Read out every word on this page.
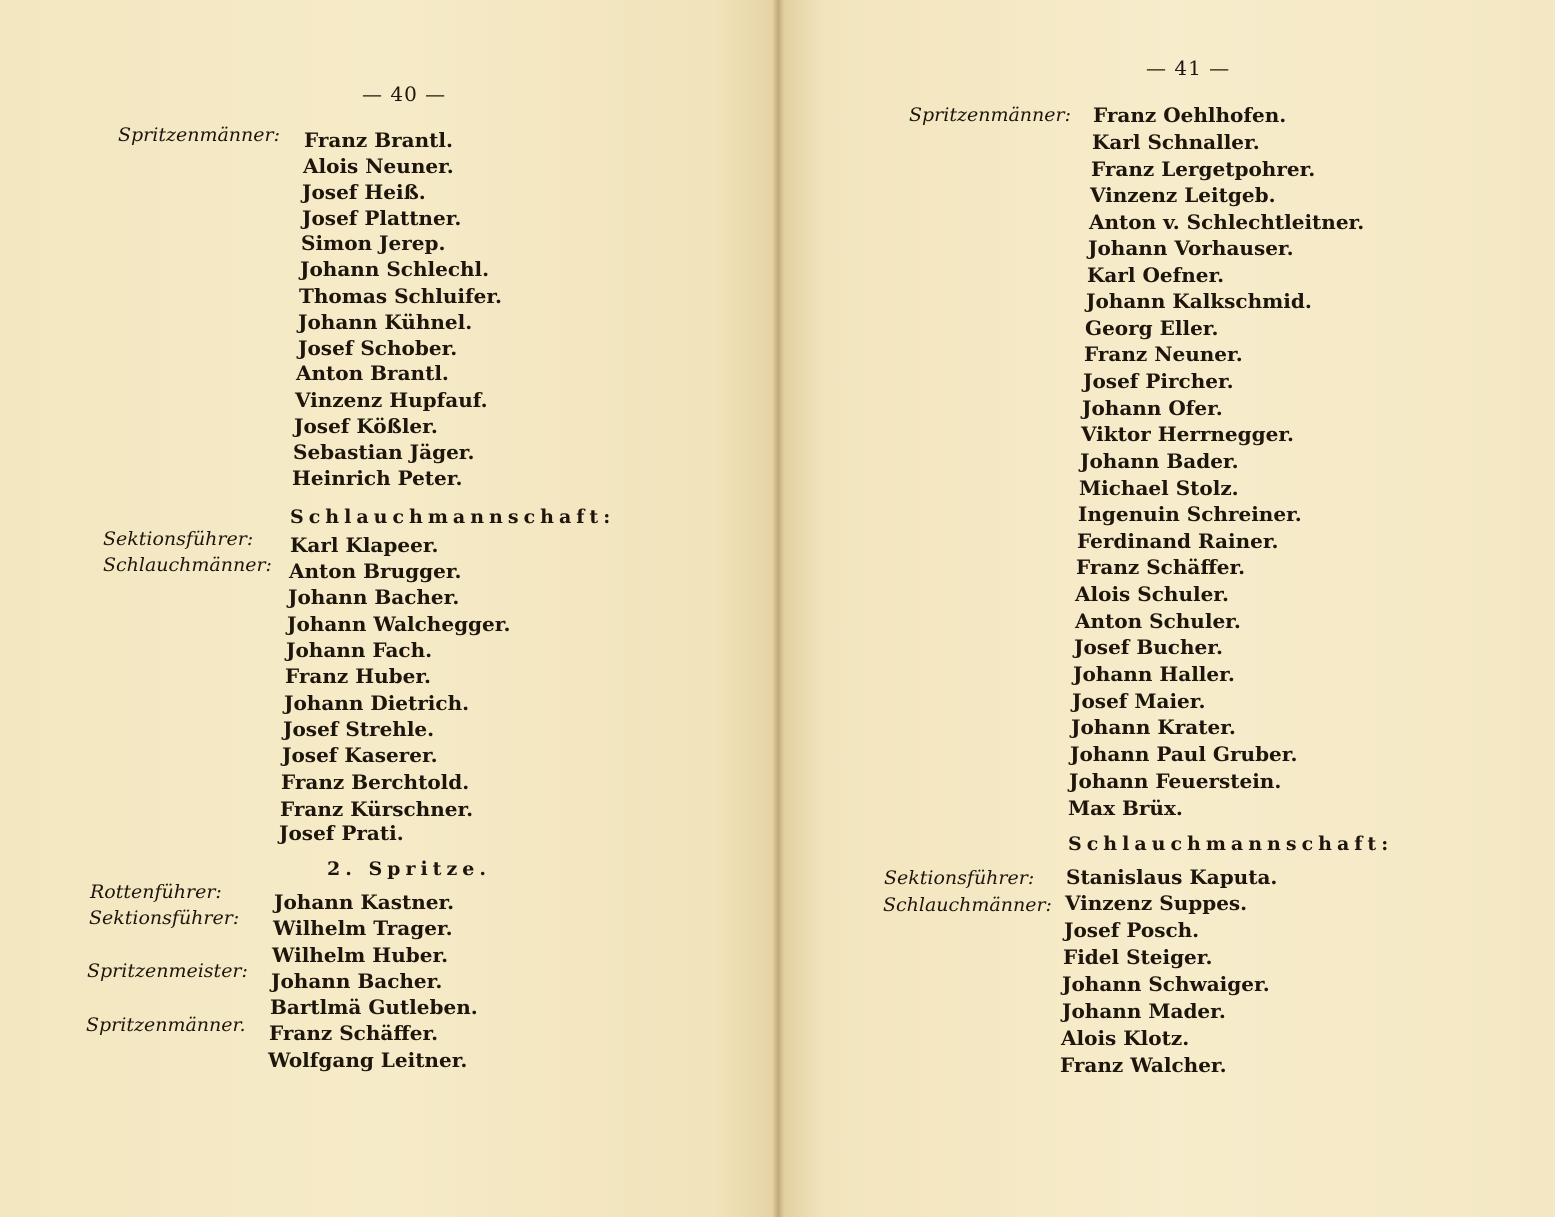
— 40 —
Spritzenmänner: Franz Brantl.
Alois Neuner.
Josef Heiß.
Josef Plattner.
Simon Jerep.
Johann Schlechl.
Thomas Schluifer.
Johann Kühnel.
Josef Schober.
Anton Brantl.
Vinzenz Hupfauf.
Josef Kößler.
Sebastian Jäger.
Heinrich Peter.
Schlauchmannschaft:
Sektionsführer: Karl Klapeer.
Schlauchmänner: Anton Brugger.
Johann Bacher.
Johann Walchegger.
Johann Fach.
Franz Huber.
Johann Dietrich.
Josef Strehle.
Josef Kaserer.
Franz Berchtold.
Franz Kürschner.
Josef Prati.
2. Spritze.
Rottenführer:	Johann Kastner.
Sektionsführer: Wilhelm Trager.
Wilhelm Huber.
Spritzenmeister: Johann Bacher.
Bartlmä Gutleben.
Spritzenmänner. Franz Schäffer.
Wolfgang Leitner.
— 41 —
Spritzenmänner: Franz Oehlhofen.
Karl Schnaller.
Franz Lergetpohrer.
Vinzenz Leitgeb.
Anton v. Schlechtleitner.
Johann Vorhauser.
Karl Oefner.
Johann Kalkschmid.
Georg Eller.
Franz Neuner.
Josef Pircher.
Johann Ofer.
Viktor Herrnegger.
Johann Bader.
Michael Stolz.
Ingenuin Schreiner.
Ferdinand Rainer.
Franz Schäffer.
Alois Schuler.
Anton Schuler.
Josef Bucher.
Johann Haller.
Josef Maier.
Johann Krater.
Johann Paul Gruber.
Johann Feuerstein.
Max Brüx.
Schlauchmannschaft:
Sektionsführer: Stanislaus Kaputa.
Schlauchmänner: Vinzenz Suppes.
Josef Posch.
Fidel Steiger.
Johann Schwaiger.
Johann Mader.
Alois Klotz.
Franz Walcher.
